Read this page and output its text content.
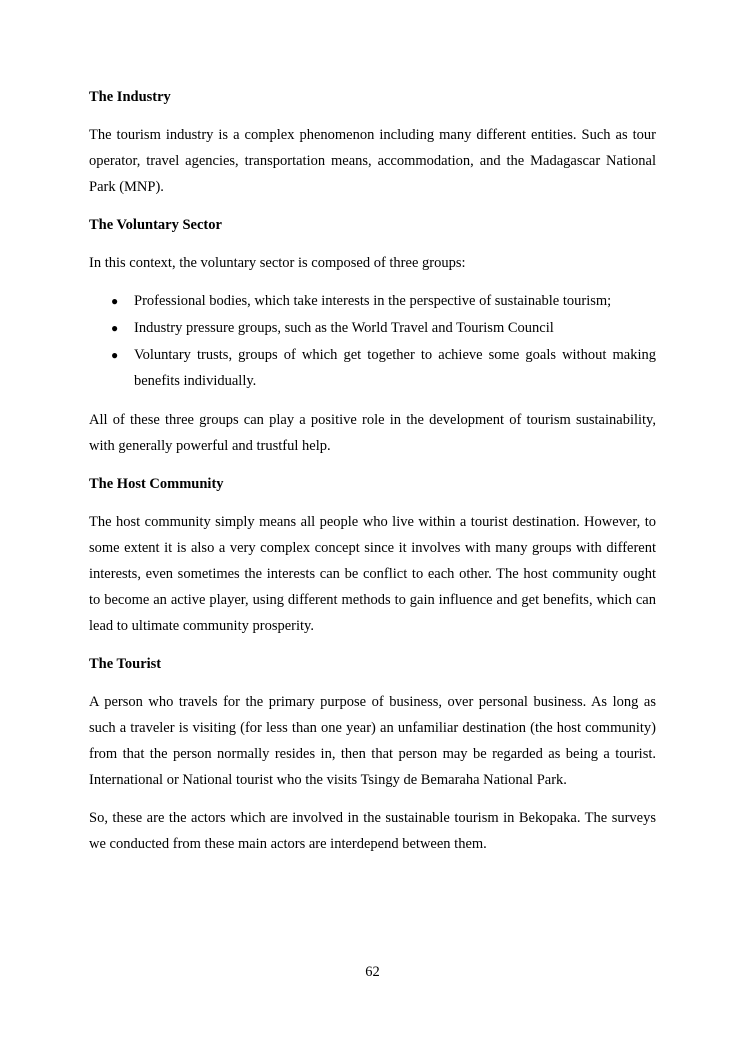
The Industry

The tourism industry is a complex phenomenon including many different entities. Such as tour operator, travel agencies, transportation means, accommodation, and the Madagascar National Park (MNP).

The Voluntary Sector

In this context, the voluntary sector is composed of three groups:

● Professional bodies, which take interests in the perspective of sustainable tourism;
● Industry pressure groups, such as the World Travel and Tourism Council
● Voluntary trusts, groups of which get together to achieve some goals without making benefits individually.

All of these three groups can play a positive role in the development of tourism sustainability, with generally powerful and trustful help.

The Host Community

The host community simply means all people who live within a tourist destination. However, to some extent it is also a very complex concept since it involves with many groups with different interests, even sometimes the interests can be conflict to each other. The host community ought to become an active player, using different methods to gain influence and get benefits, which can lead to ultimate community prosperity.

The Tourist

A person who travels for the primary purpose of business, over personal business. As long as such a traveler is visiting (for less than one year) an unfamiliar destination (the host community) from that the person normally resides in, then that person may be regarded as being a tourist. International or National tourist who the visits Tsingy de Bemaraha National Park.

So, these are the actors which are involved in the sustainable tourism in Bekopaka. The surveys we conducted from these main actors are interdepend between them.

62
